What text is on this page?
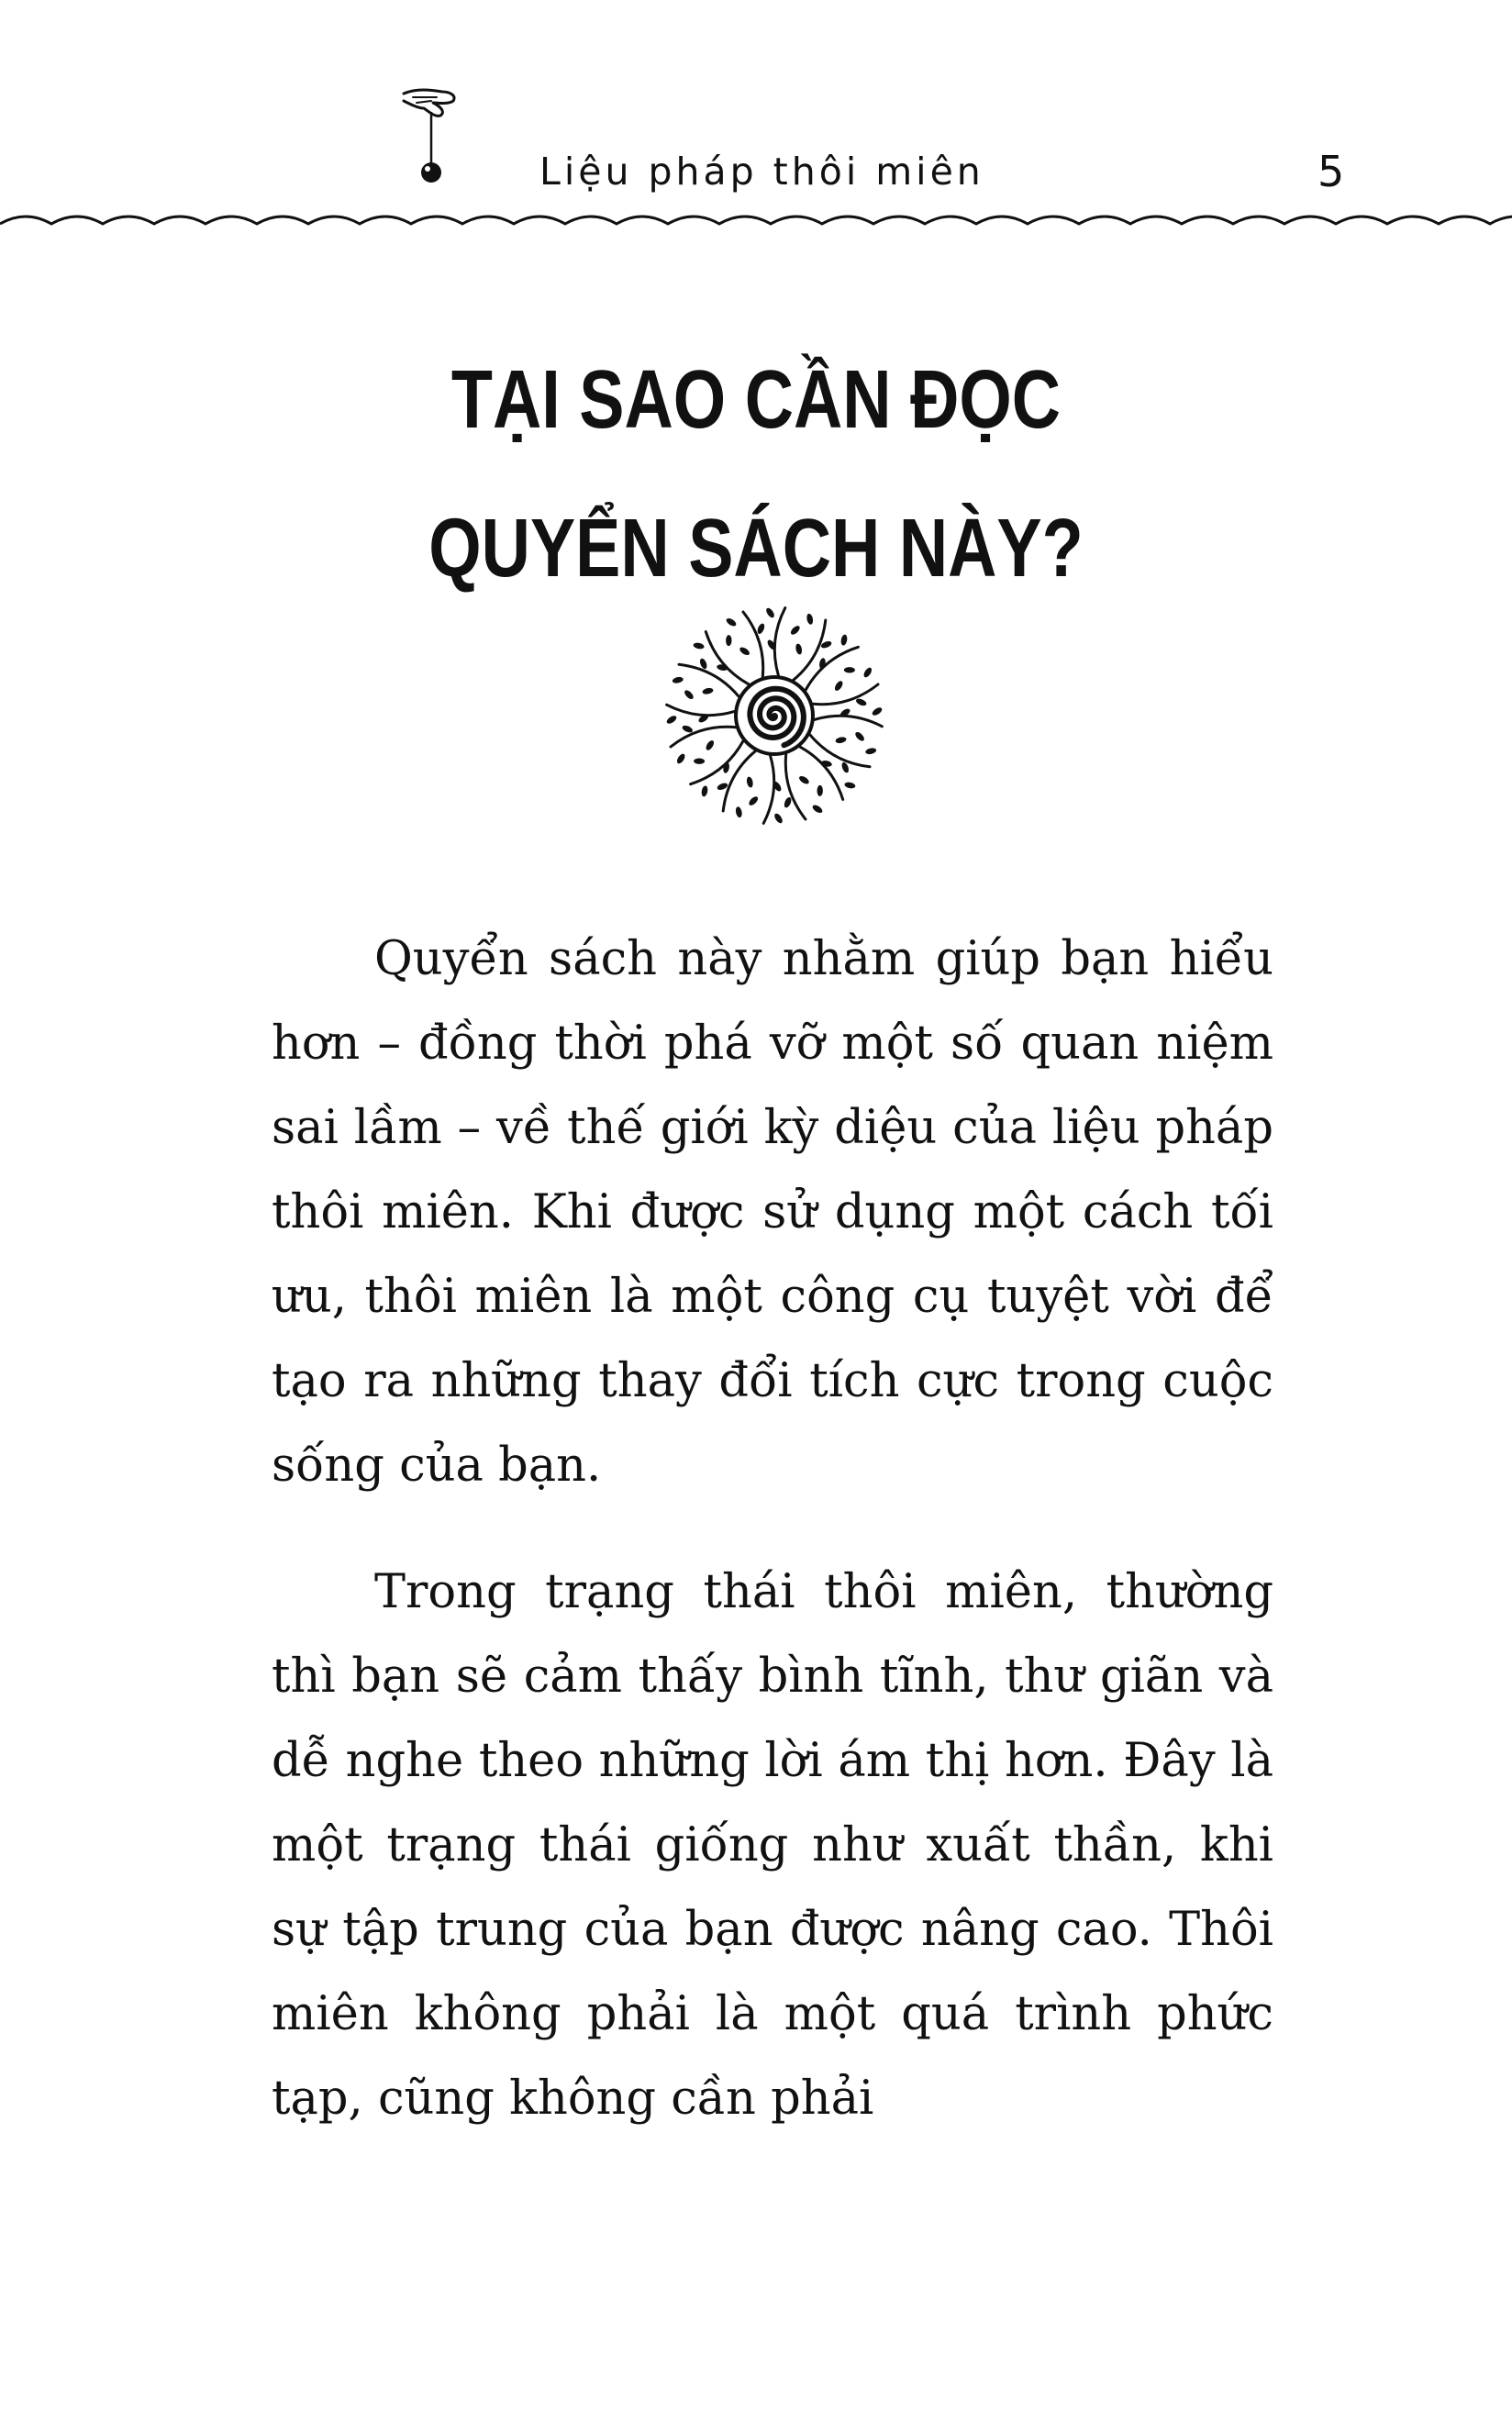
Liệu pháp thôi miên	5
TẠI SAO CẦN ĐỌC
QUYỂN SÁCH NÀY?

Quyển sách này nhằm giúp bạn hiểu hơn – đồng thời phá vỡ một số quan niệm sai lầm – về thế giới kỳ diệu của liệu pháp thôi miên. Khi được sử dụng một cách tối ưu, thôi miên là một công cụ tuyệt vời để tạo ra những thay đổi tích cực trong cuộc sống của bạn.

Trong trạng thái thôi miên, thường thì bạn sẽ cảm thấy bình tĩnh, thư giãn và dễ nghe theo những lời ám thị hơn. Đây là một trạng thái giống như xuất thần, khi sự tập trung của bạn được nâng cao. Thôi miên không phải là một quá trình phức tạp, cũng không cần phải
